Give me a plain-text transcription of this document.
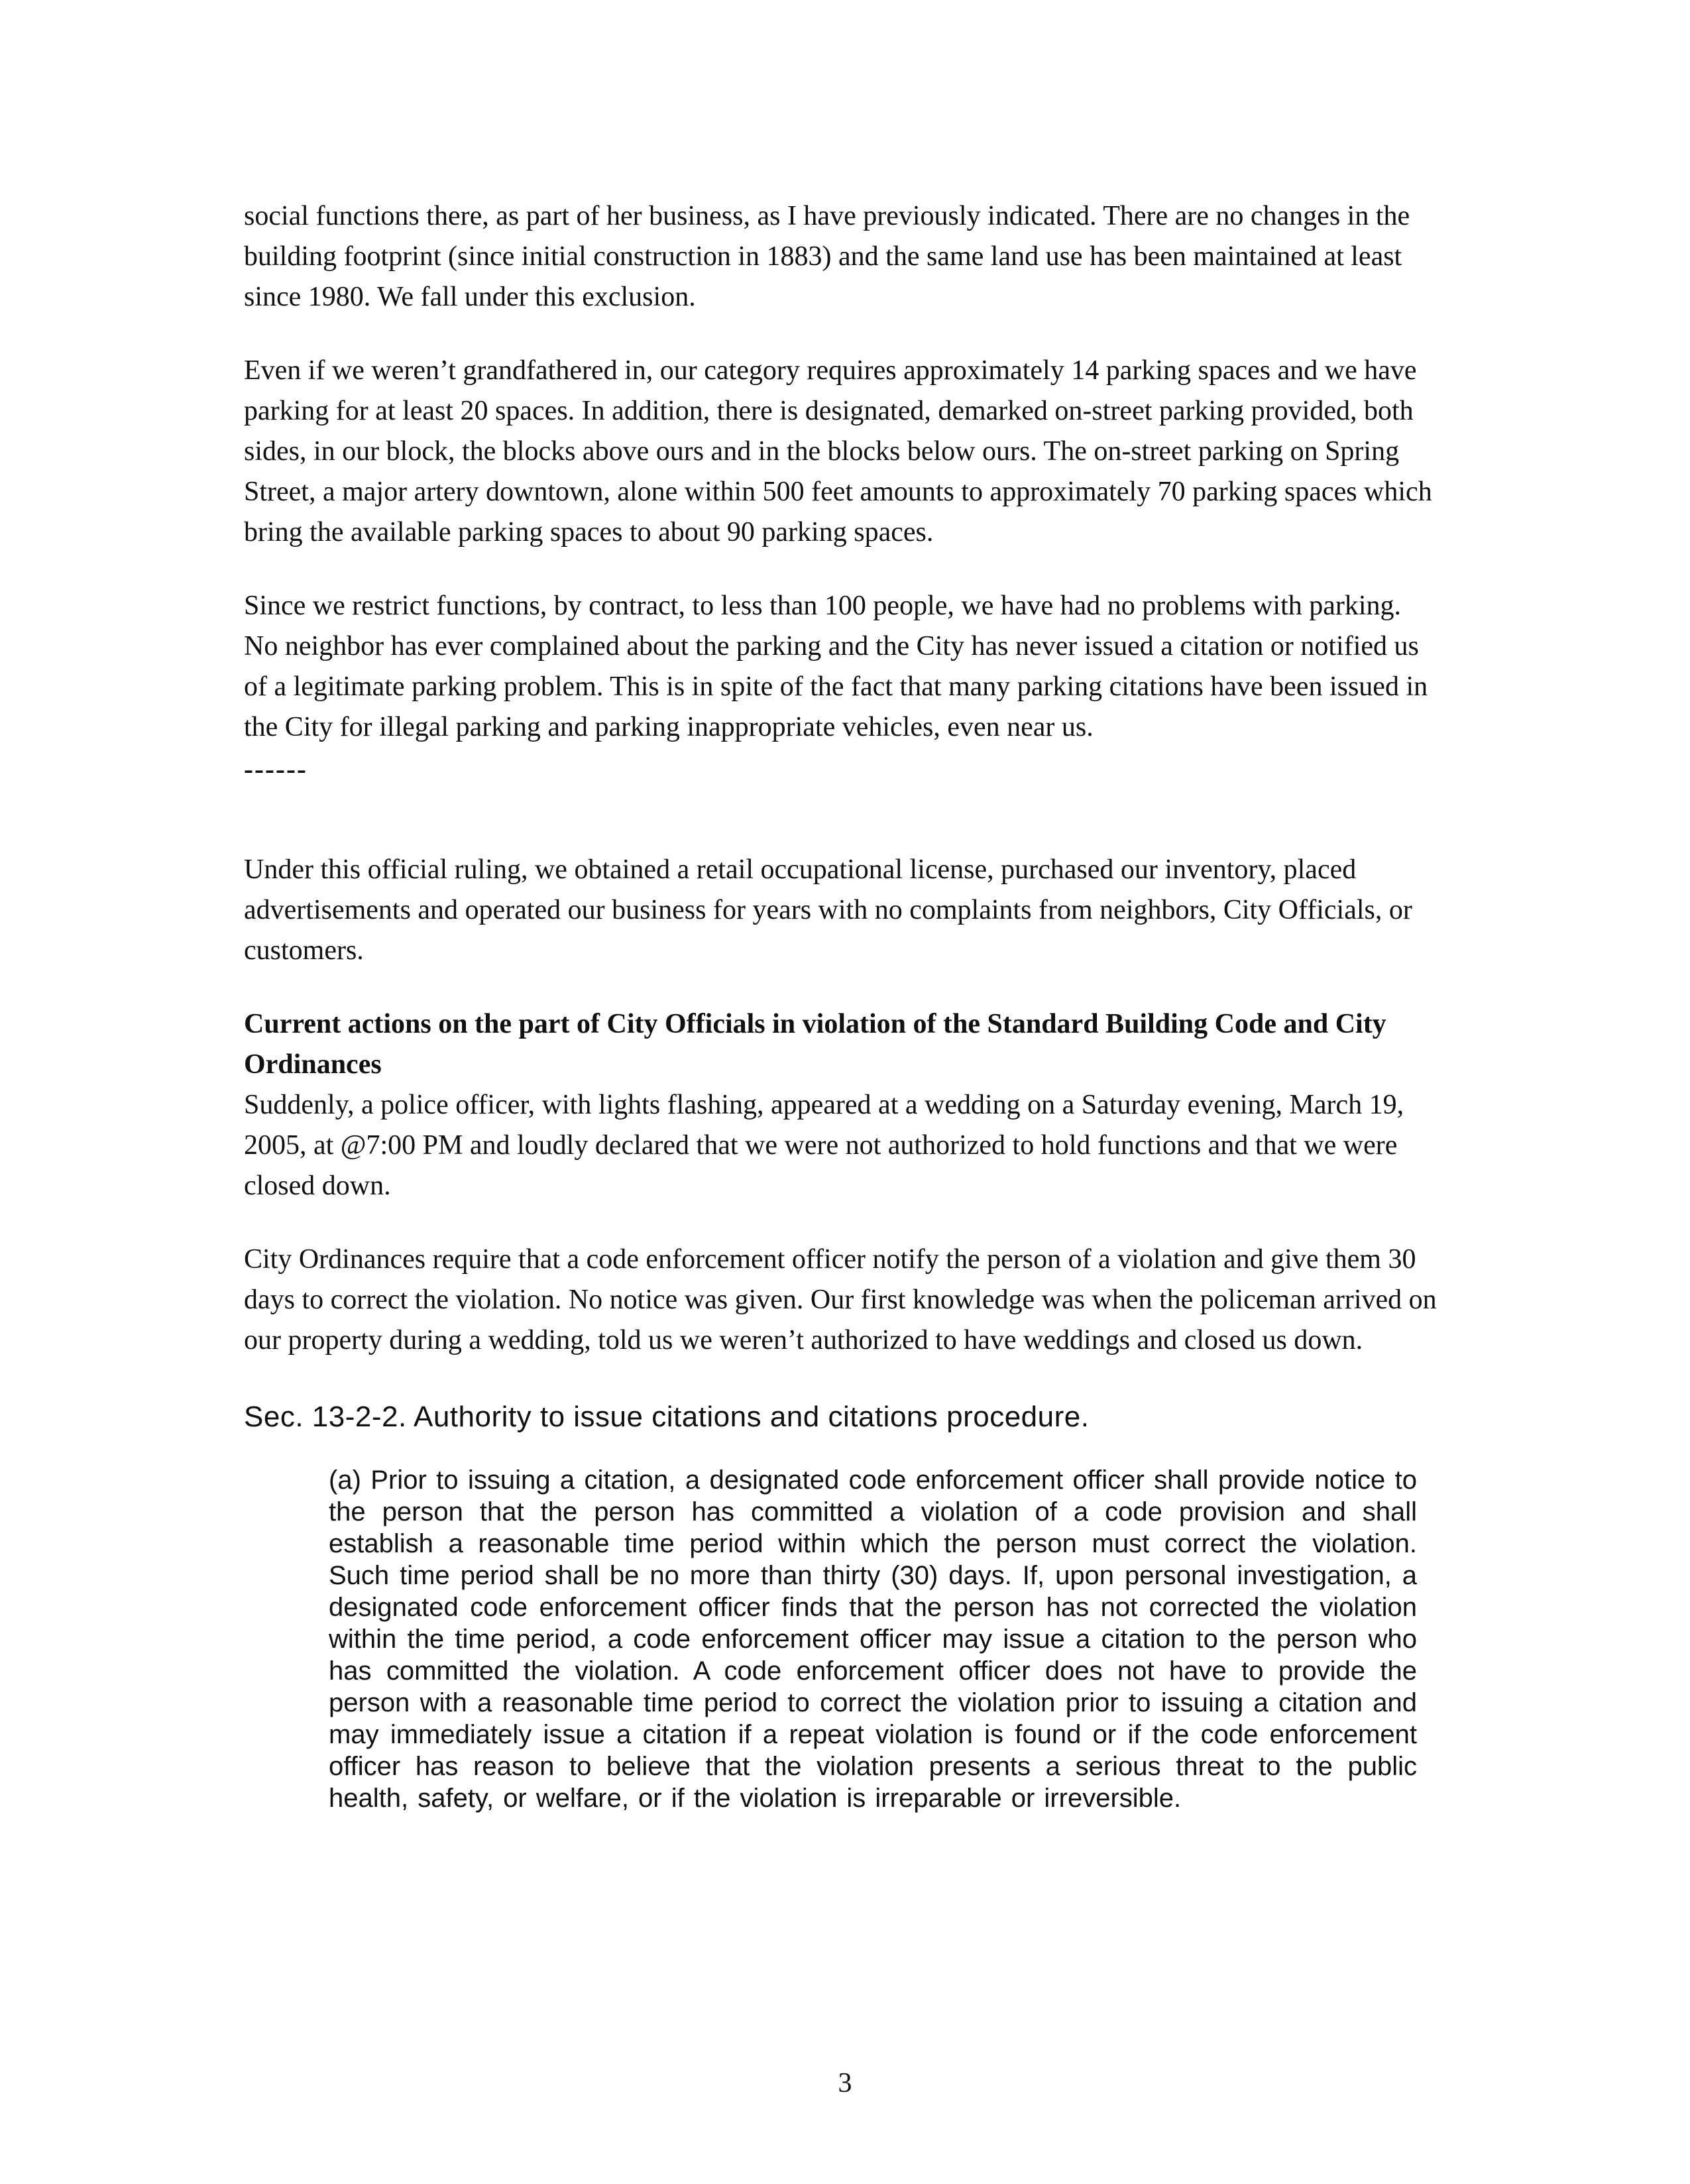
social functions there, as part of her business, as I have previously indicated. There are no changes in the building footprint (since initial construction in 1883) and the same land use has been maintained at least since 1980. We fall under this exclusion.

Even if we weren’t grandfathered in, our category requires approximately 14 parking spaces and we have parking for at least 20 spaces. In addition, there is designated, demarked on-street parking provided, both sides, in our block, the blocks above ours and in the blocks below ours. The on-street parking on Spring Street, a major artery downtown, alone within 500 feet amounts to approximately 70 parking spaces which bring the available parking spaces to about 90 parking spaces.

Since we restrict functions, by contract, to less than 100 people, we have had no problems with parking. No neighbor has ever complained about the parking and the City has never issued a citation or notified us of a legitimate parking problem. This is in spite of the fact that many parking citations have been issued in the City for illegal parking and parking inappropriate vehicles, even near us.

------

Under this official ruling, we obtained a retail occupational license, purchased our inventory, placed advertisements and operated our business for years with no complaints from neighbors, City Officials, or customers.

Current actions on the part of City Officials in violation of the Standard Building Code and City Ordinances

Suddenly, a police officer, with lights flashing, appeared at a wedding on a Saturday evening, March 19, 2005, at @7:00 PM and loudly declared that we were not authorized to hold functions and that we were closed down.

City Ordinances require that a code enforcement officer notify the person of a violation and give them 30 days to correct the violation. No notice was given. Our first knowledge was when the policeman arrived on our property during a wedding, told us we weren’t authorized to have weddings and closed us down.

Sec. 13-2-2. Authority to issue citations and citations procedure.
(a) Prior to issuing a citation, a designated code enforcement officer shall provide notice to the person that the person has committed a violation of a code provision and shall establish a reasonable time period within which the person must correct the violation. Such time period shall be no more than thirty (30) days. If, upon personal investigation, a designated code enforcement officer finds that the person has not corrected the violation within the time period, a code enforcement officer may issue a citation to the person who has committed the violation. A code enforcement officer does not have to provide the person with a reasonable time period to correct the violation prior to issuing a citation and may immediately issue a citation if a repeat violation is found or if the code enforcement officer has reason to believe that the violation presents a serious threat to the public health, safety, or welfare, or if the violation is irreparable or irreversible.
3
